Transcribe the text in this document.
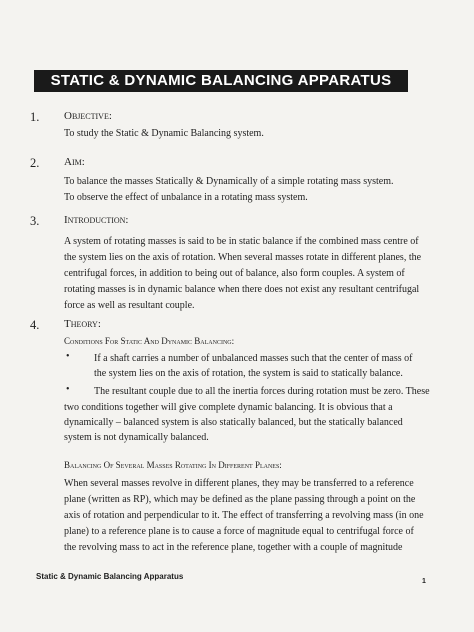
STATIC & DYNAMIC BALANCING APPARATUS
1.	Objective:
To study the Static & Dynamic Balancing system.
2.	Aim:
To balance the masses Statically & Dynamically of a simple rotating mass system.
To observe the effect of unbalance in a rotating mass system.
3.	Introduction:
A system of rotating masses is said to be in static balance if the combined mass centre of
the system lies on the axis of rotation. When several masses rotate in different planes, the
centrifugal forces, in addition to being out of balance, also form couples. A system of
rotating masses is in dynamic balance when there does not exist any resultant centrifugal
force as well as resultant couple.
4.	Theory:
Conditions For Static And Dynamic Balancing:
• If a shaft carries a number of unbalanced masses such that the center of mass of
the system lies on the axis of rotation, the system is said to statically balance.
• The resultant couple due to all the inertia forces during rotation must be zero. These
two conditions together will give complete dynamic balancing. It is obvious that a
dynamically – balanced system is also statically balanced, but the statically balanced
system is not dynamically balanced.
Balancing Of Several Masses Rotating In Different Planes:
When several masses revolve in different planes, they may be transferred to a reference
plane (written as RP), which may be defined as the plane passing through a point on the
axis of rotation and perpendicular to it. The effect of transferring a revolving mass (in one
plane) to a reference plane is to cause a force of magnitude equal to centrifugal force of
the revolving mass to act in the reference plane, together with a couple of magnitude
Static & Dynamic Balancing Apparatus
1
